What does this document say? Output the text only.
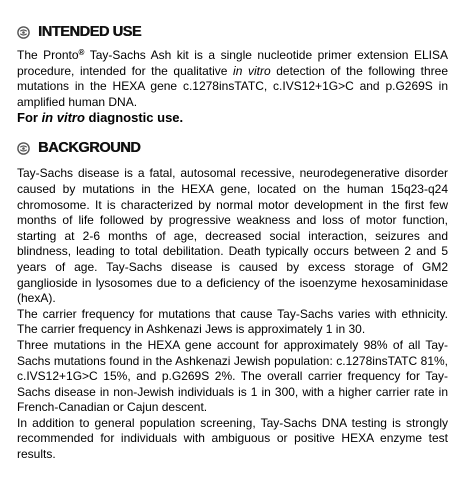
INTENDED USE

The Pronto® Tay-Sachs Ash kit is a single nucleotide primer extension ELISA procedure, intended for the qualitative in vitro detection of the following three mutations in the HEXA gene c.1278insTATC, c.IVS12+1G>C and p.G269S in amplified human DNA.

For in vitro diagnostic use.

BACKGROUND

Tay-Sachs disease is a fatal, autosomal recessive, neurodegenerative disorder caused by mutations in the HEXA gene, located on the human 15q23-q24 chromosome. It is characterized by normal motor development in the first few months of life followed by progressive weakness and loss of motor function, starting at 2-6 months of age, decreased social interaction, seizures and blindness, leading to total debilitation. Death typically occurs between 2 and 5 years of age. Tay-Sachs disease is caused by excess storage of GM2 ganglioside in lysosomes due to a deficiency of the isoenzyme hexosaminidase (hexA).

The carrier frequency for mutations that cause Tay-Sachs varies with ethnicity. The carrier frequency in Ashkenazi Jews is approximately 1 in 30.

Three mutations in the HEXA gene account for approximately 98% of all Tay-Sachs mutations found in the Ashkenazi Jewish population: c.1278insTATC 81%, c.IVS12+1G>C 15%, and p.G269S 2%. The overall carrier frequency for Tay-Sachs disease in non-Jewish individuals is 1 in 300, with a higher carrier rate in French-Canadian or Cajun descent.

In addition to general population screening, Tay-Sachs DNA testing is strongly recommended for individuals with ambiguous or positive HEXA enzyme test results.
